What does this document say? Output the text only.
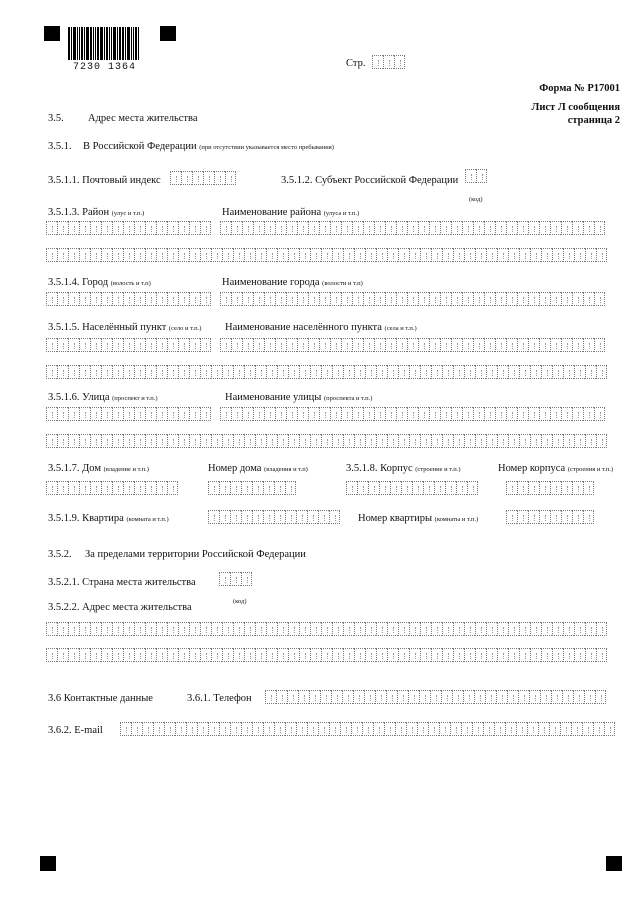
7230 1364	Стр.
Форма № Р17001
Лист Л сообщения
страница 2
3.5. Адрес места жительства
3.5.1. В Российской Федерации (при отсутствии указывается место пребывания)
3.5.1.1. Почтовый индекс	3.5.1.2. Субъект Российской Федерации
(код)
3.5.1.3. Район (улус и т.п.)	Наименование района (улуса и т.п.)
3.5.1.4. Город (волость и т.п)	Наименование города (волости и т.п)
3.5.1.5. Населённый пункт (село и т.п.) Наименование населённого пункта (села и т.п.)
3.5.1.6. Улица (проспект и т.п.)	Наименование улицы (проспекта и т.п.)
3.5.1.7. Дом (владение и т.п.)	Номер дома (владения и т.п)	3.5.1.8. Корпус (строение и т.п.)	Номер корпуса (строения и т.п.)
3.5.1.9. Квартира (комната и т.п.)	Номер квартиры (комнаты и т.п.)
3.5.2. За пределами территории Российской Федерации
3.5.2.1. Страна места жительства
(код)
3.5.2.2. Адрес места жительства
3.6 Контактные данные	3.6.1. Телефон
3.6.2. E-mail
